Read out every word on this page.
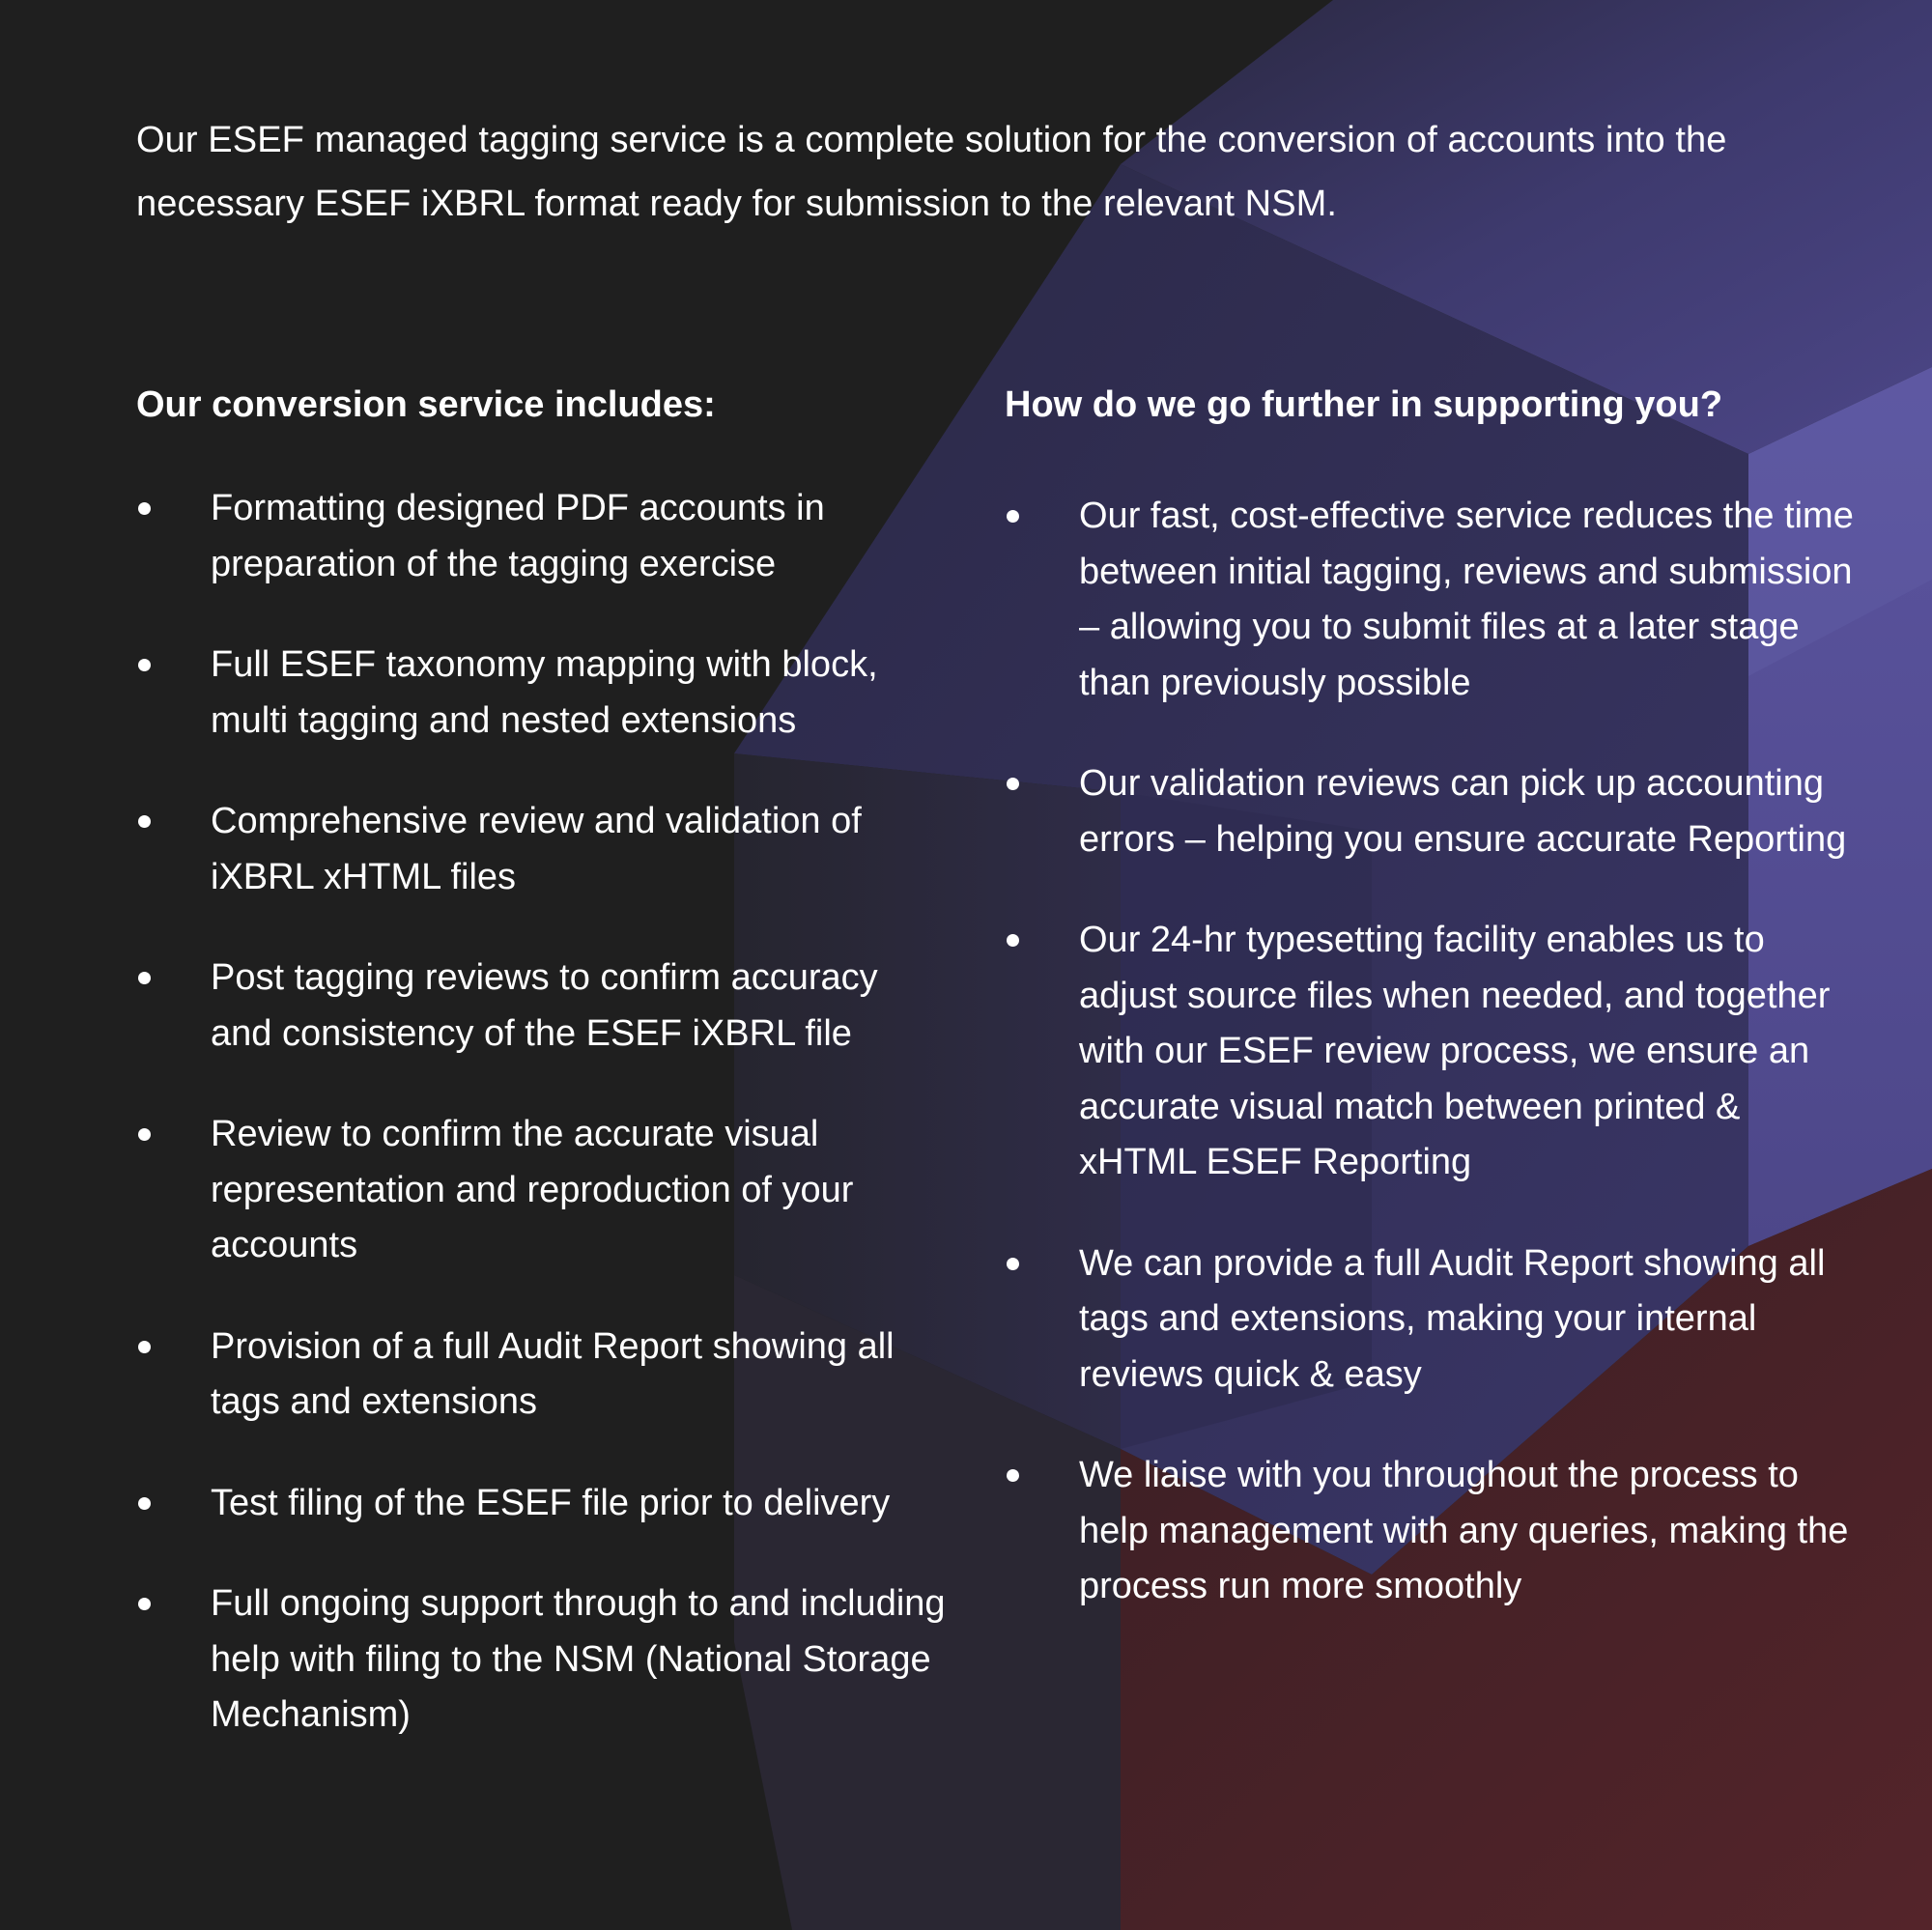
Our ESEF managed tagging service is a complete solution for the conversion of accounts into the necessary ESEF iXBRL format ready for submission to the relevant NSM.

Our conversion service includes:
Formatting designed PDF accounts in preparation of the tagging exercise
Full ESEF taxonomy mapping with block, multi tagging and nested extensions
Comprehensive review and validation of iXBRL xHTML files
Post tagging reviews to confirm accuracy and consistency of the ESEF iXBRL file
Review to confirm the accurate visual representation and reproduction of your accounts
Provision of a full Audit Report showing all tags and extensions
Test filing of the ESEF file prior to delivery
Full ongoing support through to and including help with filing to the NSM (National Storage Mechanism)
How do we go further in supporting you?
Our fast, cost-effective service reduces the time between initial tagging, reviews and submission – allowing you to submit files at a later stage than previously possible
Our validation reviews can pick up accounting errors – helping you ensure accurate Reporting
Our 24-hr typesetting facility enables us to adjust source files when needed, and together with our ESEF review process, we ensure an accurate visual match between printed & xHTML ESEF Reporting
We can provide a full Audit Report showing all tags and extensions, making your internal reviews quick & easy
We liaise with you throughout the process to help management with any queries, making the process run more smoothly
